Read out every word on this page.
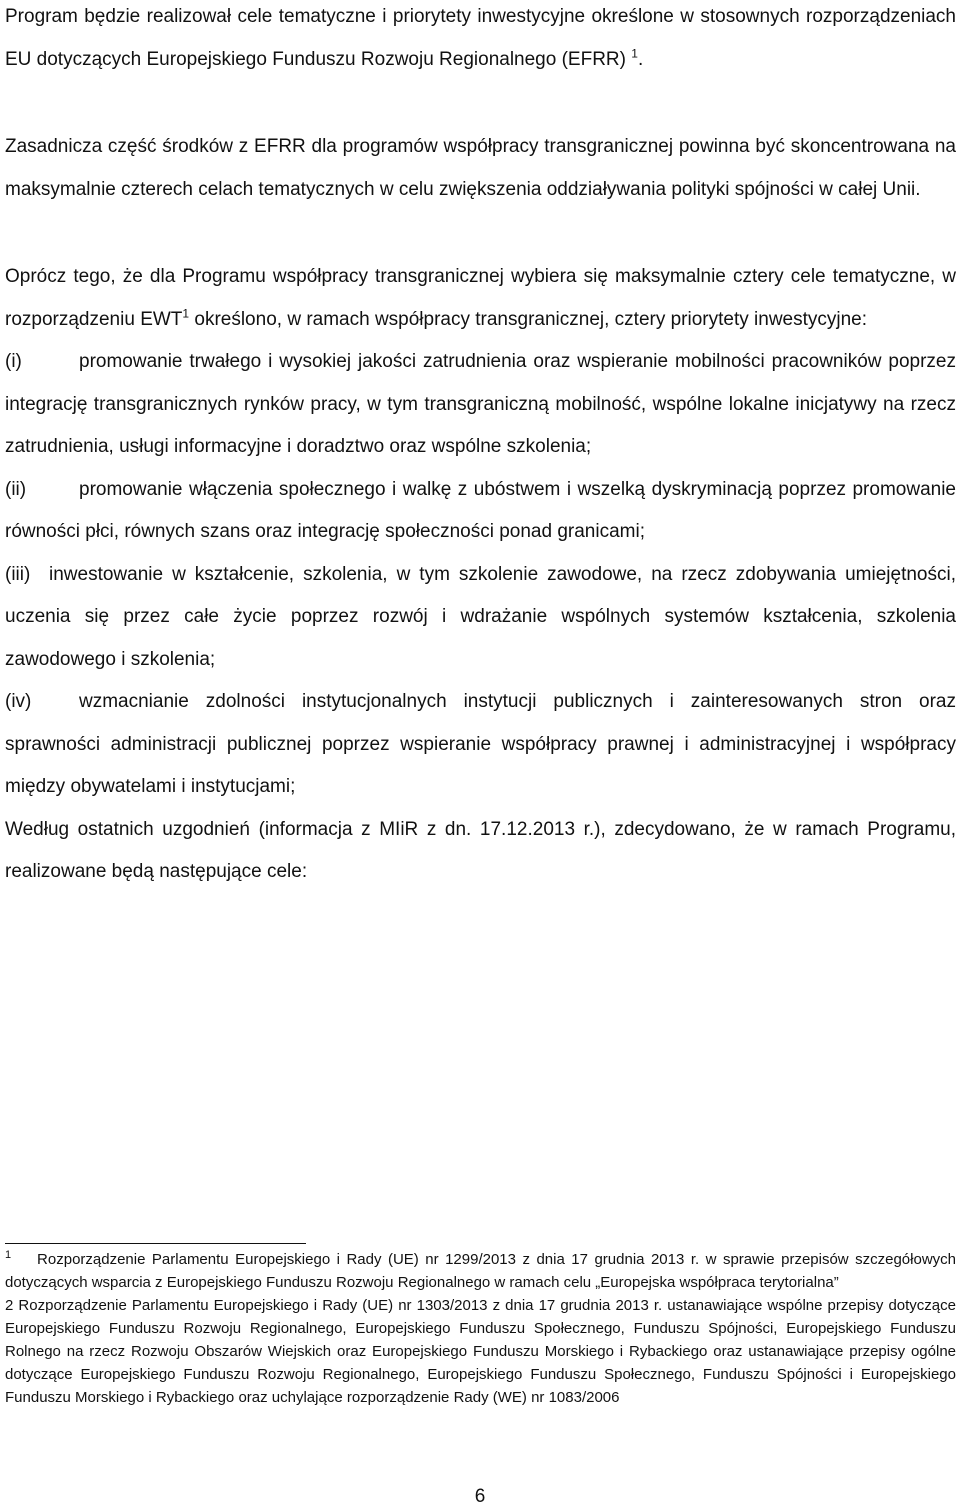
Program będzie realizował cele tematyczne i priorytety inwestycyjne określone w stosownych rozporządzeniach EU dotyczących Europejskiego Funduszu Rozwoju Regionalnego (EFRR) $^1$.

Zasadnicza część środków z EFRR dla programów współpracy transgranicznej powinna być skoncentrowana na maksymalnie czterech celach tematycznych w celu zwiększenia oddziaływania polityki spójności w całej Unii.

Oprócz tego, że dla Programu współpracy transgranicznej wybiera się maksymalnie cztery cele tematyczne, w rozporządzeniu EWT$^1$ określono, w ramach współpracy transgranicznej, cztery priorytety inwestycyjne:

(i)	promowanie trwałego i wysokiej jakości zatrudnienia oraz wspieranie mobilności pracowników poprzez integrację transgranicznych rynków pracy, w tym transgraniczną mobilność, wspólne lokalne inicjatywy na rzecz zatrudnienia, usługi informacyjne i doradztwo oraz wspólne szkolenia;

(ii)	promowanie włączenia społecznego i walkę z ubóstwem i wszelką dyskryminacją poprzez promowanie równości płci, równych szans oraz integrację społeczności ponad granicami;

(iii) inwestowanie w kształcenie, szkolenia, w tym szkolenie zawodowe, na rzecz zdobywania umiejętności, uczenia się przez całe życie poprzez rozwój i wdrażanie wspólnych systemów kształcenia, szkolenia zawodowego i szkolenia;

(iv)	wzmacnianie zdolności instytucjonalnych instytucji publicznych i zainteresowanych stron oraz sprawności administracji publicznej poprzez wspieranie współpracy prawnej i administracyjnej i współpracy między obywatelami i instytucjami;

Według ostatnich uzgodnień (informacja z MIiR z dn. 17.12.2013 r.), zdecydowano, że w ramach Programu, realizowane będą następujące cele:

$^1$ Rozporządzenie Parlamentu Europejskiego i Rady (UE) nr 1299/2013 z dnia 17 grudnia 2013 r. w sprawie przepisów szczegółowych dotyczących wsparcia z Europejskiego Funduszu Rozwoju Regionalnego w ramach celu „Europejska współpraca terytorialna”

2 Rozporządzenie Parlamentu Europejskiego i Rady (UE) nr 1303/2013 z dnia 17 grudnia 2013 r. ustanawiające wspólne przepisy dotyczące Europejskiego Funduszu Rozwoju Regionalnego, Europejskiego Funduszu Społecznego, Funduszu Spójności, Europejskiego Funduszu Rolnego na rzecz Rozwoju Obszarów Wiejskich oraz Europejskiego Funduszu Morskiego i Rybackiego oraz ustanawiające przepisy ogólne dotyczące Europejskiego Funduszu Rozwoju Regionalnego, Europejskiego Funduszu Społecznego, Funduszu Spójności i Europejskiego Funduszu Morskiego i Rybackiego oraz uchylające rozporządzenie Rady (WE) nr 1083/2006

6
